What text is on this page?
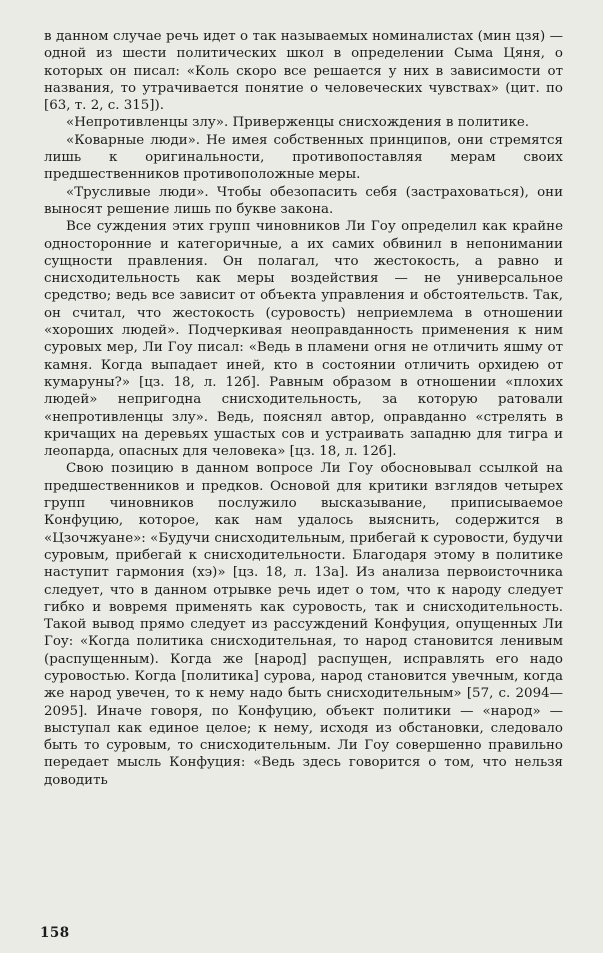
в данном случае речь идет о так называемых номиналистах (мин цзя) — одной из шести политических школ в определении Сыма Цяня, о которых он писал: «Коль скоро все решается у них в зависимости от названия, то утрачивается понятие о человеческих чувствах» (цит. по [63, т. 2, с. 315]).

«Непротивленцы злу». Приверженцы снисхождения в политике.

«Коварные люди». Не имея собственных принципов, они стремятся лишь к оригинальности, противопоставляя мерам своих предшественников противоположные меры.

«Трусливые люди». Чтобы обезопасить себя (застраховаться), они выносят решение лишь по букве закона.

Все суждения этих групп чиновников Ли Гоу определил как крайне односторонние и категоричные, а их самих обвинил в непонимании сущности правления. Он полагал, что жестокость, а равно и снисходительность как меры воздействия — не универсальное средство; ведь все зависит от объекта управления и обстоятельств. Так, он считал, что жестокость (суровость) неприемлема в отношении «хороших людей». Подчеркивая неоправданность применения к ним суровых мер, Ли Гоу писал: «Ведь в пламени огня не отличить яшму от камня. Когда выпадает иней, кто в состоянии отличить орхидею от кумаруны?» [цз. 18, л. 12б]. Равным образом в отношении «плохих людей» непригодна снисходительность, за которую ратовали «непротивленцы злу». Ведь, пояснял автор, оправданно «стрелять в кричащих на деревьях ушастых сов и устраивать западню для тигра и леопарда, опасных для человека» [цз. 18, л. 12б].

Свою позицию в данном вопросе Ли Гоу обосновывал ссылкой на предшественников и предков. Основой для критики взглядов четырех групп чиновников послужило высказывание, приписываемое Конфуцию, которое, как нам удалось выяснить, содержится в «Цзочжуане»: «Будучи снисходительным, прибегай к суровости, будучи суровым, прибегай к снисходительности. Благодаря этому в политике наступит гармония (хэ)» [цз. 18, л. 13а]. Из анализа первоисточника следует, что в данном отрывке речь идет о том, что к народу следует гибко и вовремя применять как суровость, так и снисходительность. Такой вывод прямо следует из рассуждений Конфуция, опущенных Ли Гоу: «Когда политика снисходительная, то народ становится ленивым (распущенным). Когда же [народ] распущен, исправлять его надо суровостью. Когда [политика] сурова, народ становится увечным, когда же народ увечен, то к нему надо быть снисходительным» [57, с. 2094—2095]. Иначе говоря, по Конфуцию, объект политики — «народ» — выступал как единое целое; к нему, исходя из обстановки, следовало быть то суровым, то снисходительным. Ли Гоу совершенно правильно передает мысль Конфуция: «Ведь здесь говорится о том, что нельзя доводить

158
